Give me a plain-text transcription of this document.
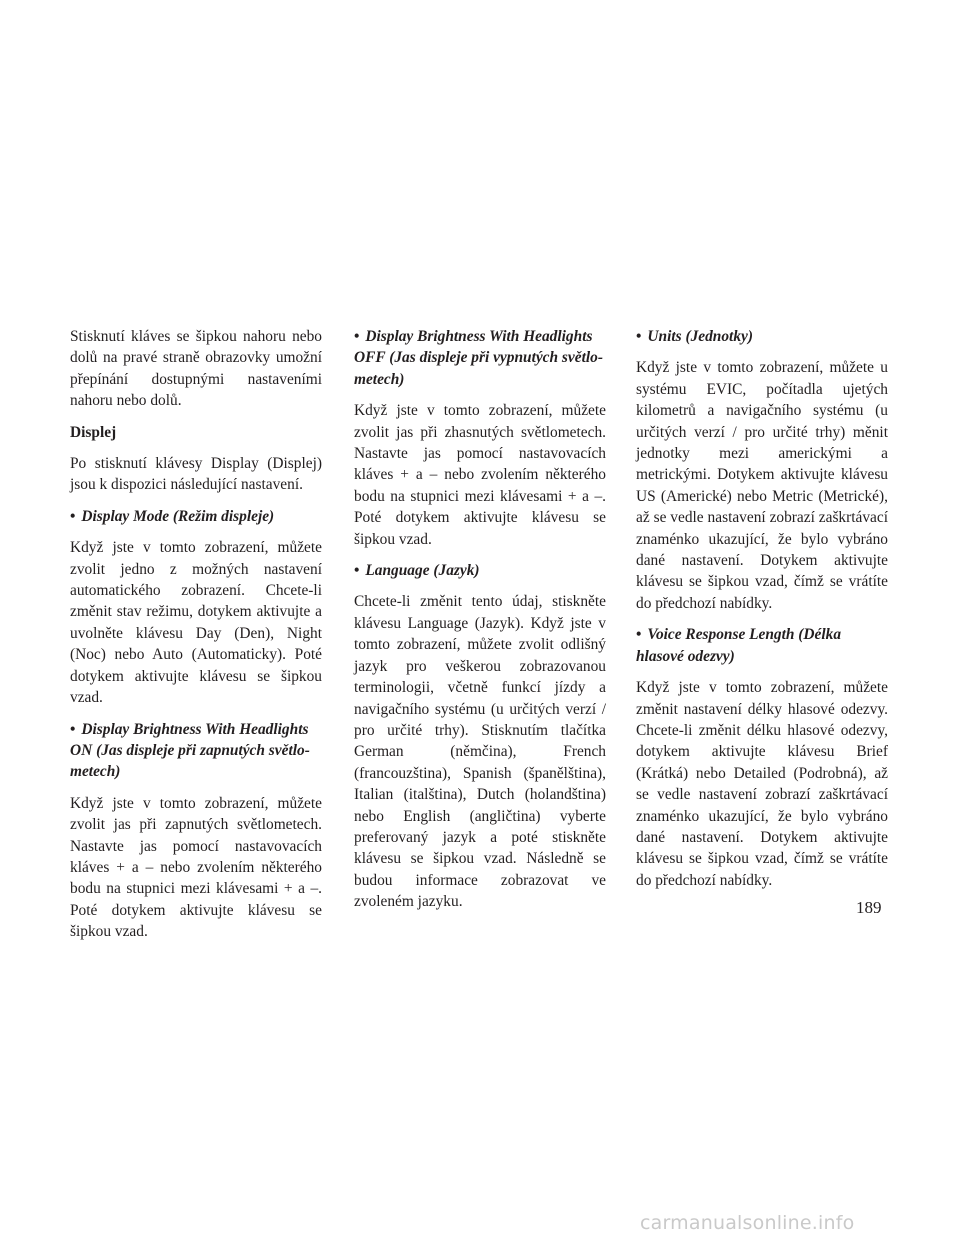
Stisknutí kláves se šipkou nahoru nebo dolů na pravé straně obrazovky umožní přepínání dostupnými nastaveními nahoru nebo dolů.

Displej

Po stisknutí klávesy Display (Displej) jsou k dispozici následující nastavení.

• Display Mode (Režim displeje)

Když jste v tomto zobrazení, můžete zvolit jedno z možných nastavení automatického zobrazení. Chcete-li změnit stav režimu, dotykem aktivujte a uvolněte klávesu Day (Den), Night (Noc) nebo Auto (Automaticky). Poté dotykem aktivujte klávesu se šipkou vzad.

• Display Brightness With Headlights ON (Jas displeje při zapnutých světlometech)

Když jste v tomto zobrazení, můžete zvolit jas při zapnutých světlometech. Nastavte jas pomocí nastavovacích kláves + a – nebo zvolením některého bodu na stupnici mezi klávesami + a –. Poté dotykem aktivujte klávesu se šipkou vzad.

• Display Brightness With Headlights OFF (Jas displeje při vypnutých světlometech)

Když jste v tomto zobrazení, můžete zvolit jas při zhasnutých světlometech. Nastavte jas pomocí nastavovacích kláves + a – nebo zvolením některého bodu na stupnici mezi klávesami + a –. Poté dotykem aktivujte klávesu se šipkou vzad.

• Language (Jazyk)

Chcete-li změnit tento údaj, stiskněte klávesu Language (Jazyk). Když jste v tomto zobrazení, můžete zvolit odlišný jazyk pro veškerou zobrazovanou terminologii, včetně funkcí jízdy a navigačního systému (u určitých verzí / pro určité trhy). Stisknutím tlačítka German (němčina), French (francouzština), Spanish (španělština), Italian (italština), Dutch (holandština) nebo English (angličtina) vyberte preferovaný jazyk a poté stiskněte klávesu se šipkou vzad. Následně se budou informace zobrazovat ve zvoleném jazyku.

• Units (Jednotky)

Když jste v tomto zobrazení, můžete u systému EVIC, počítadla ujetých kilometrů a navigačního systému (u určitých verzí / pro určité trhy) měnit jednotky mezi americkými a metrickými. Dotykem aktivujte klávesu US (Americké) nebo Metric (Metrické), až se vedle nastavení zobrazí zaškrtávací znaménko ukazující, že bylo vybráno dané nastavení. Dotykem aktivujte klávesu se šipkou vzad, čímž se vrátíte do předchozí nabídky.

• Voice Response Length (Délka hlasové odezvy)

Když jste v tomto zobrazení, můžete změnit nastavení délky hlasové odezvy. Chcete-li změnit délku hlasové odezvy, dotykem aktivujte klávesu Brief (Krátká) nebo Detailed (Podrobná), až se vedle nastavení zobrazí zaškrtávací znaménko ukazující, že bylo vybráno dané nastavení. Dotykem aktivujte klávesu se šipkou vzad, čímž se vrátíte do předchozí nabídky.

189
carmanualsonline.info
